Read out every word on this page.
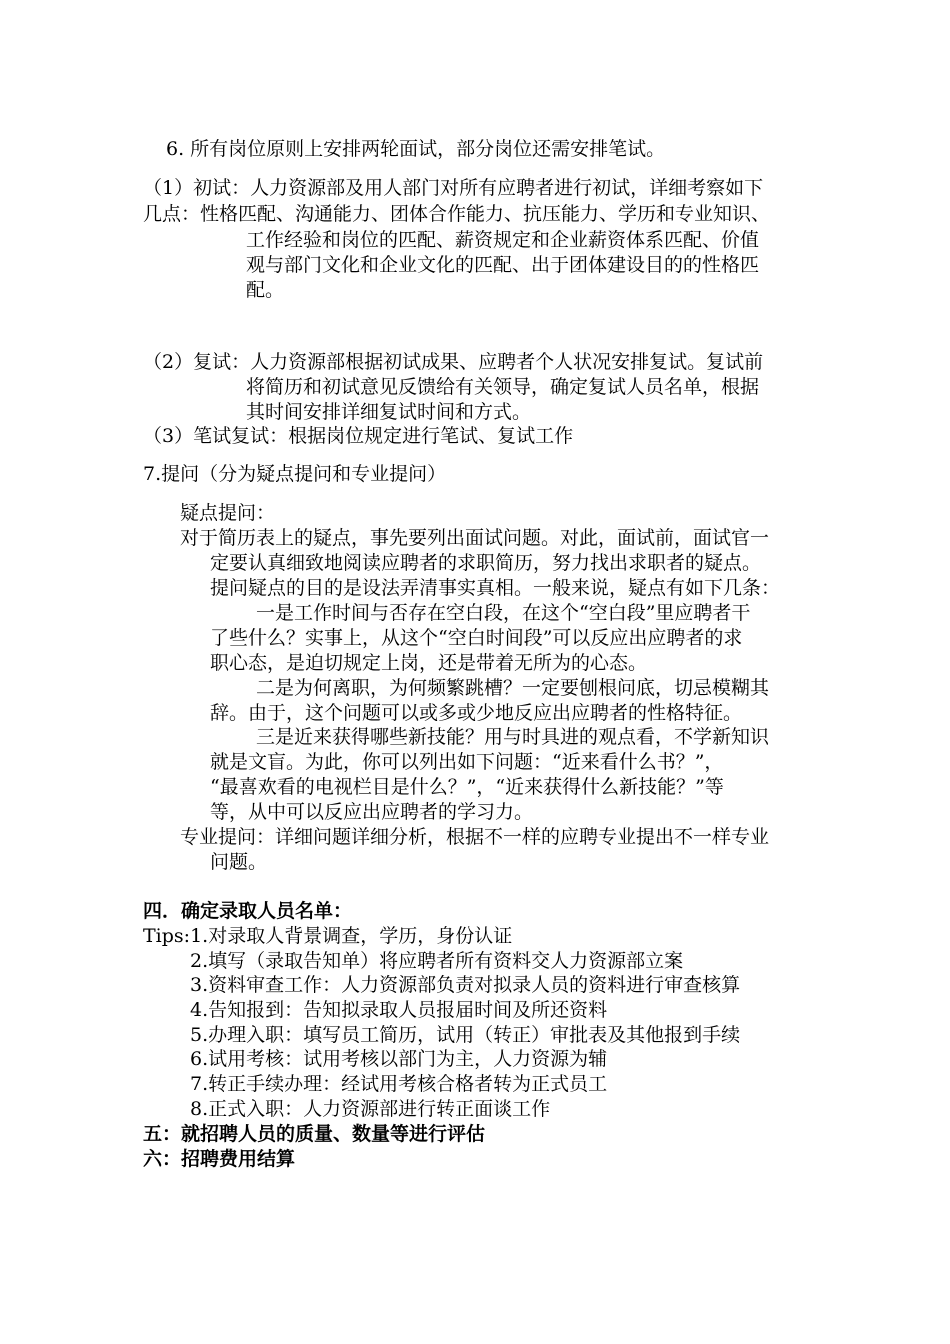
6. 所有岗位原则上安排两轮面试，部分岗位还需安排笔试。
（1）初试：人力资源部及用人部门对所有应聘者进行初试，详细考察如下
几点：性格匹配、沟通能力、团体合作能力、抗压能力、学历和专业知识、
工作经验和岗位的匹配、薪资规定和企业薪资体系匹配、价值
观与部门文化和企业文化的匹配、出于团体建设目的的性格匹
配。
（2）复试：人力资源部根据初试成果、应聘者个人状况安排复试。复试前
将简历和初试意见反馈给有关领导，确定复试人员名单，根据
其时间安排详细复试时间和方式。
（3）笔试复试：根据岗位规定进行笔试、复试工作
7.提问（分为疑点提问和专业提问）
疑点提问：
对于简历表上的疑点，事先要列出面试问题。对此，面试前，面试官一
定要认真细致地阅读应聘者的求职简历，努力找出求职者的疑点。
提问疑点的目的是设法弄清事实真相。一般来说，疑点有如下几条：
一是工作时间与否存在空白段，在这个“空白段”里应聘者干
了些什么？实事上，从这个“空白时间段”可以反应出应聘者的求
职心态，是迫切规定上岗，还是带着无所为的心态。
二是为何离职，为何频繁跳槽？一定要刨根问底，切忌模糊其
辞。由于，这个问题可以或多或少地反应出应聘者的性格特征。
三是近来获得哪些新技能？用与时具进的观点看，不学新知识
就是文盲。为此，你可以列出如下问题：“近来看什么书？”，
“最喜欢看的电视栏目是什么？”，“近来获得什么新技能？”等
等，从中可以反应出应聘者的学习力。
专业提问：详细问题详细分析，根据不一样的应聘专业提出不一样专业
问题。
四．确定录取人员名单：
Tips:1.对录取人背景调查，学历，身份认证
2.填写（录取告知单）将应聘者所有资料交人力资源部立案
3.资料审查工作：人力资源部负责对拟录人员的资料进行审查核算
4.告知报到：告知拟录取人员报届时间及所还资料
5.办理入职：填写员工简历，试用（转正）审批表及其他报到手续
6.试用考核：试用考核以部门为主，人力资源为辅
7.转正手续办理：经试用考核合格者转为正式员工
8.正式入职：人力资源部进行转正面谈工作
五：就招聘人员的质量、数量等进行评估
六：招聘费用结算
